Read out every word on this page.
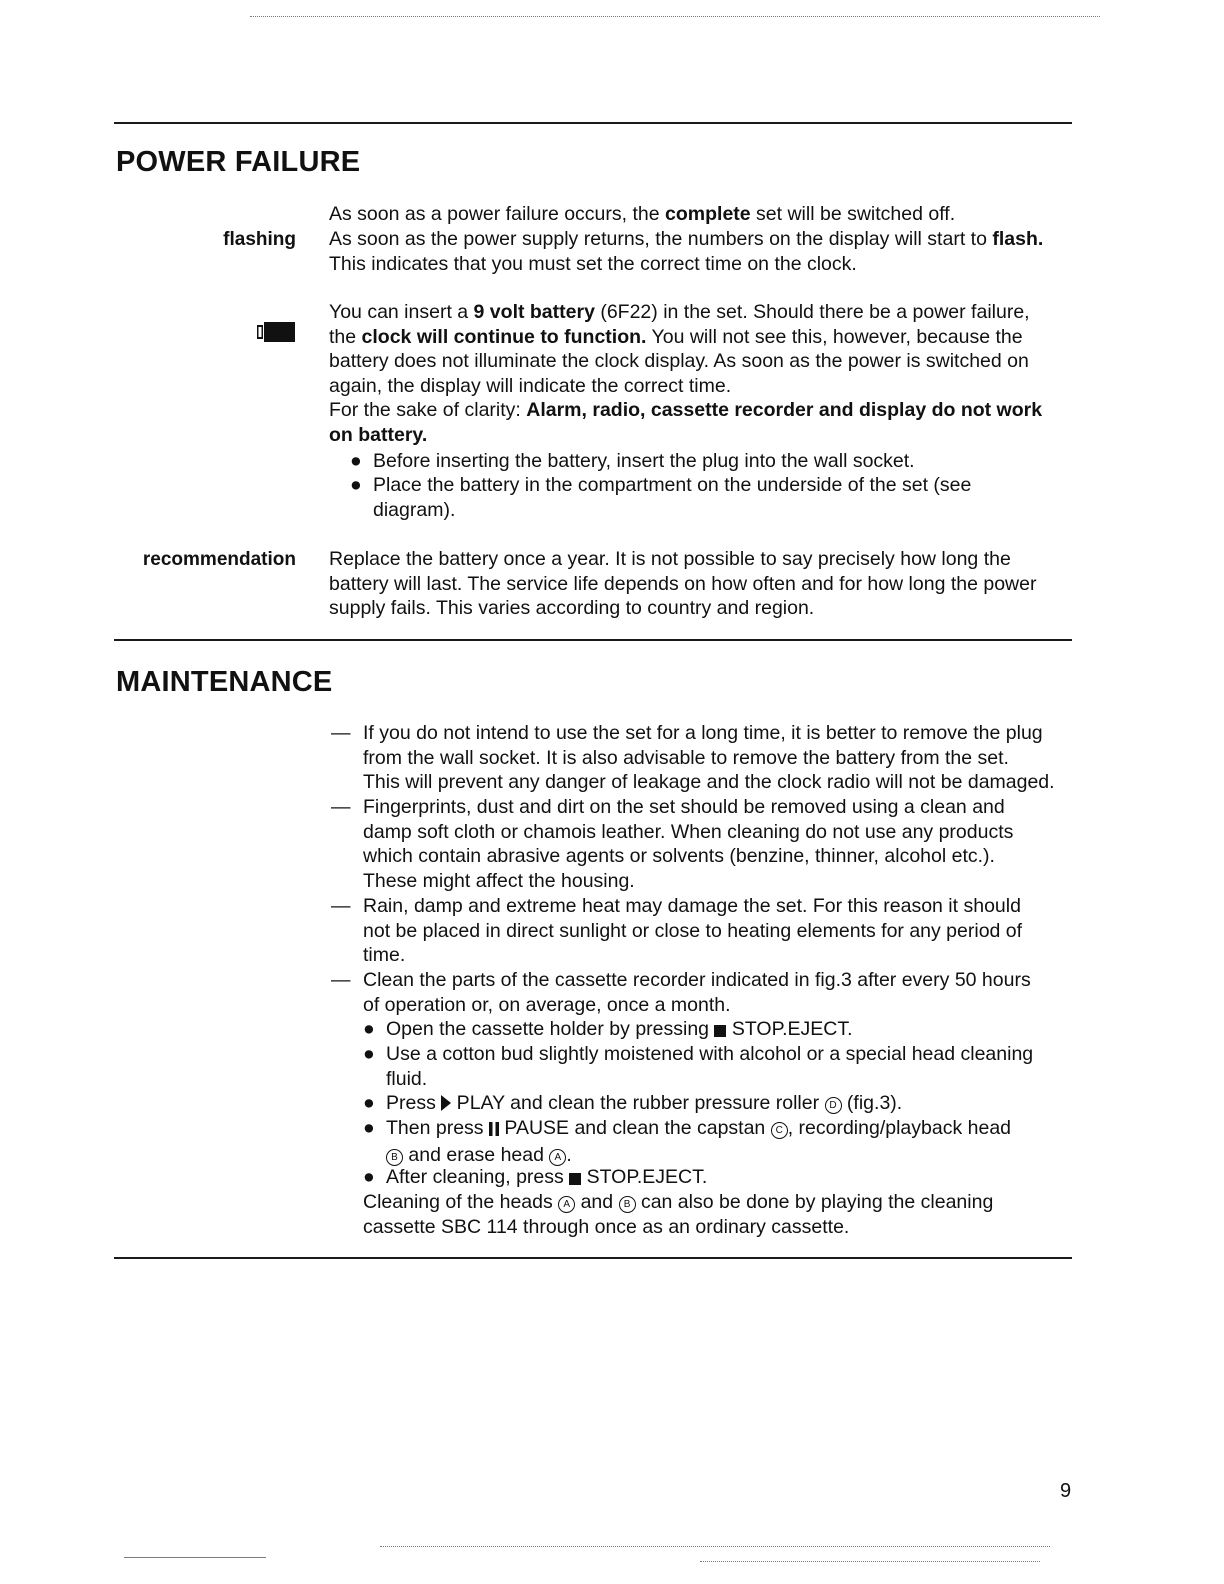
POWER FAILURE
As soon as a power failure occurs, the complete set will be switched off.
flashing As soon as the power supply returns, the numbers on the display will start to flash.
This indicates that you must set the correct time on the clock.
You can insert a 9 volt battery (6F22) in the set. Should there be a power failure,
the clock will continue to function. You will not see this, however, because the
battery does not illuminate the clock display. As soon as the power is switched on
again, the display will indicate the correct time.
For the sake of clarity: Alarm, radio, cassette recorder and display do not work
on battery.
● Before inserting the battery, insert the plug into the wall socket.
● Place the battery in the compartment on the underside of the set (see
diagram).
recommendation Replace the battery once a year. It is not possible to say precisely how long the
battery will last. The service life depends on how often and for how long the power
supply fails. This varies according to country and region.
MAINTENANCE
— If you do not intend to use the set for a long time, it is better to remove the plug
from the wall socket. It is also advisable to remove the battery from the set.
This will prevent any danger of leakage and the clock radio will not be damaged.
— Fingerprints, dust and dirt on the set should be removed using a clean and
damp soft cloth or chamois leather. When cleaning do not use any products
which contain abrasive agents or solvents (benzine, thinner, alcohol etc.).
These might affect the housing.
— Rain, damp and extreme heat may damage the set. For this reason it should
not be placed in direct sunlight or close to heating elements for any period of
time.
— Clean the parts of the cassette recorder indicated in fig.3 after every 50 hours
of operation or, on average, once a month.
● Open the cassette holder by pressing  STOP.EJECT.
● Use a cotton bud slightly moistened with alcohol or a special head cleaning
fluid.
● Press  PLAY and clean the rubber pressure roller D (fig.3).
● Then press  PAUSE and clean the capstan C , recording/playback head
B and erase head A .
● After cleaning, press  STOP.EJECT.
Cleaning of the heads A and B can also be done by playing the cleaning
cassette SBC 114 through once as an ordinary cassette.
9
